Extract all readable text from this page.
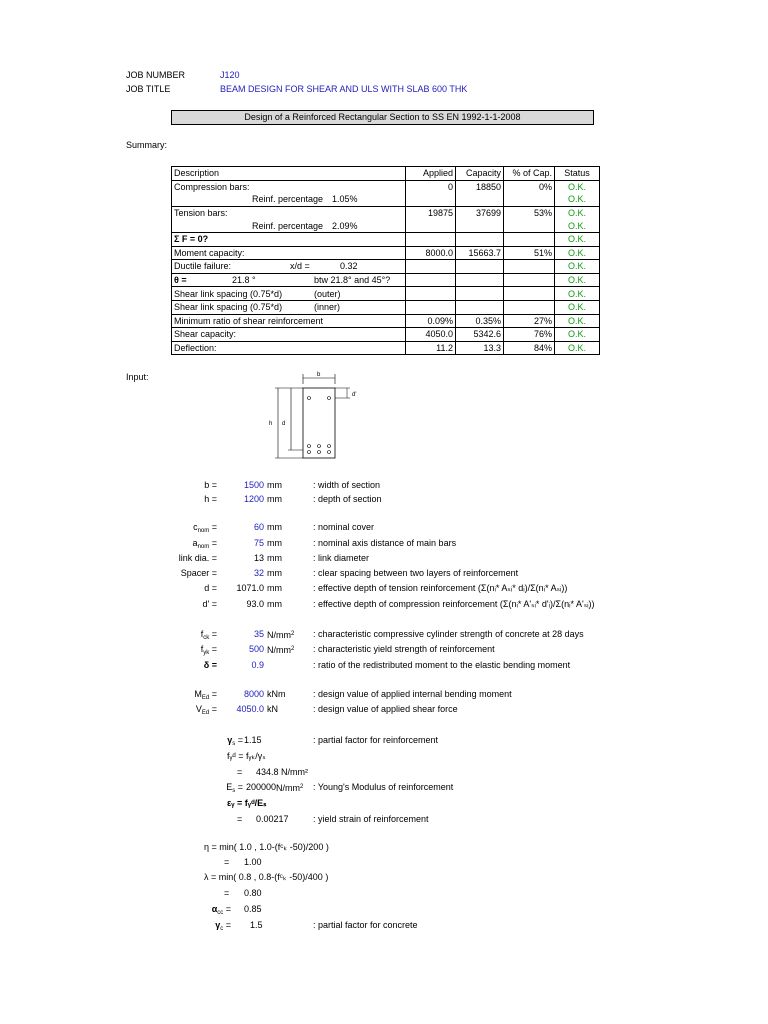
JOB NUMBER	J120
JOB TITLE	BEAM DESIGN FOR SHEAR AND ULS WITH SLAB 600 THK
Design of a Reinforced Rectangular Section to SS EN 1992-1-1-2008
Summary:
Description	Applied	Capacity	% of Cap.	Status
Compression bars:	0	18850	0%	O.K.
Reinf. percentage 1.05%				O.K.
Tension bars:	19875	37699	53%	O.K.
Reinf. percentage 2.09%				O.K.
Σ F = 0?				O.K.
Moment capacity:	8000.0	15663.7	51%	O.K.
Ductile failure: x/d = 0.32				O.K.
θ = 21.8 ° btw 21.8° and 45°?				O.K.
Shear link spacing (0.75*d) (outer)				O.K.
Shear link spacing (0.75*d) (inner)				O.K.
Minimum ratio of shear reinforcement	0.09%	0.35%	27%	O.K.
Shear capacity:	4050.0	5342.6	76%	O.K.
Deflection:	11.2	13.3	84%	O.K.
Input:	b
h d
d'
b =	1500 mm	: width of section
h =	1200 mm	: depth of section
$c_{nom}$ =	60 mm	: nominal cover
$a_{nom}$ =	75 mm	: nominal axis distance of main bars
link dia. =	13 mm	: link diameter
Spacer =	32 mm	: clear spacing between two layers of reinforcement
d =	1071.0 mm	: effective depth of tension reinforcement (Σ(nᵢ* Aₛᵢ* dᵢ)/Σ(nᵢ* Aₛᵢ))
d' =	93.0 mm	: effective depth of compression reinforcement (Σ(nᵢ* A'ₛᵢ* d'ᵢ)/Σ(nᵢ* A'ₛᵢ))
$f_{ck}$ =	35 $N/mm^2$ : characteristic compressive cylinder strength of concrete at 28 days
$f_{yk}$ =	500 $N/mm^2$ : characteristic yield strength of reinforcement
δ =	0.9	: ratio of the redistributed moment to the elastic bending moment
$M_{Ed}$ =	8000 kNm	: design value of applied internal bending moment
$V_{Ed}$ =	4050.0 kN	: design value of applied shear force
$\gamma_s = 1.15$	: partial factor for reinforcement
fᵧᵈ = fᵧₖ/γₛ
= 434.8 N/mm²
$E_s = 200000$ $N/mm^2$ : Young's Modulus of reinforcement
εᵧ = fᵧᵈ/Eₛ
= 0.00217	: yield strain of reinforcement
η = min( 1.0 , 1.0-(fᶜₖ -50)/200 )
= 1.00
λ = min( 0.8 , 0.8-(fᶜₖ -50)/400 )
= 0.80
$\alpha_{cc} = 0.85$
$\gamma_c = 1.5$	: partial factor for concrete
